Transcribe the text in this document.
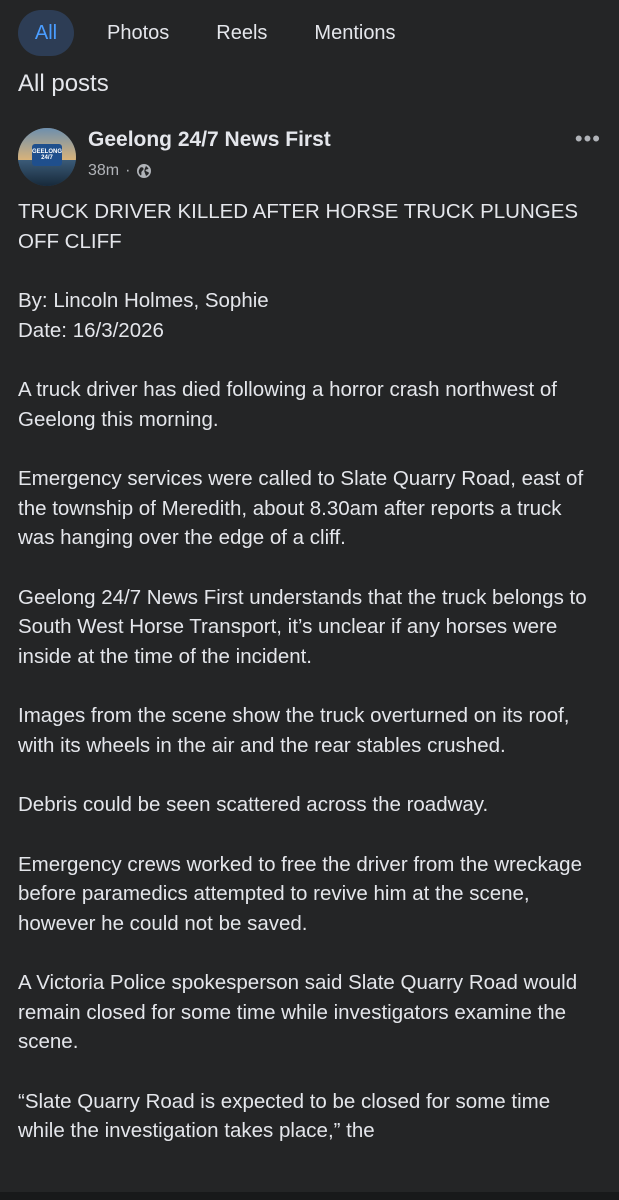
All	Photos	Reels	Mentions
All posts
GEELONG 24/7
Geelong 24/7 News First
38m ·
•••

TRUCK DRIVER KILLED AFTER HORSE TRUCK PLUNGES OFF CLIFF

By: Lincoln Holmes, Sophie
Date: 16/3/2026

A truck driver has died following a horror crash northwest of Geelong this morning.

Emergency services were called to Slate Quarry Road, east of the township of Meredith, about 8.30am after reports a truck was hanging over the edge of a cliff.

Geelong 24/7 News First understands that the truck belongs to South West Horse Transport, it’s unclear if any horses were inside at the time of the incident.

Images from the scene show the truck overturned on its roof, with its wheels in the air and the rear stables crushed.

Debris could be seen scattered across the roadway.

Emergency crews worked to free the driver from the wreckage before paramedics attempted to revive him at the scene, however he could not be saved.

A Victoria Police spokesperson said Slate Quarry Road would remain closed for some time while investigators examine the scene.

“Slate Quarry Road is expected to be closed for some time while the investigation takes place,” the
